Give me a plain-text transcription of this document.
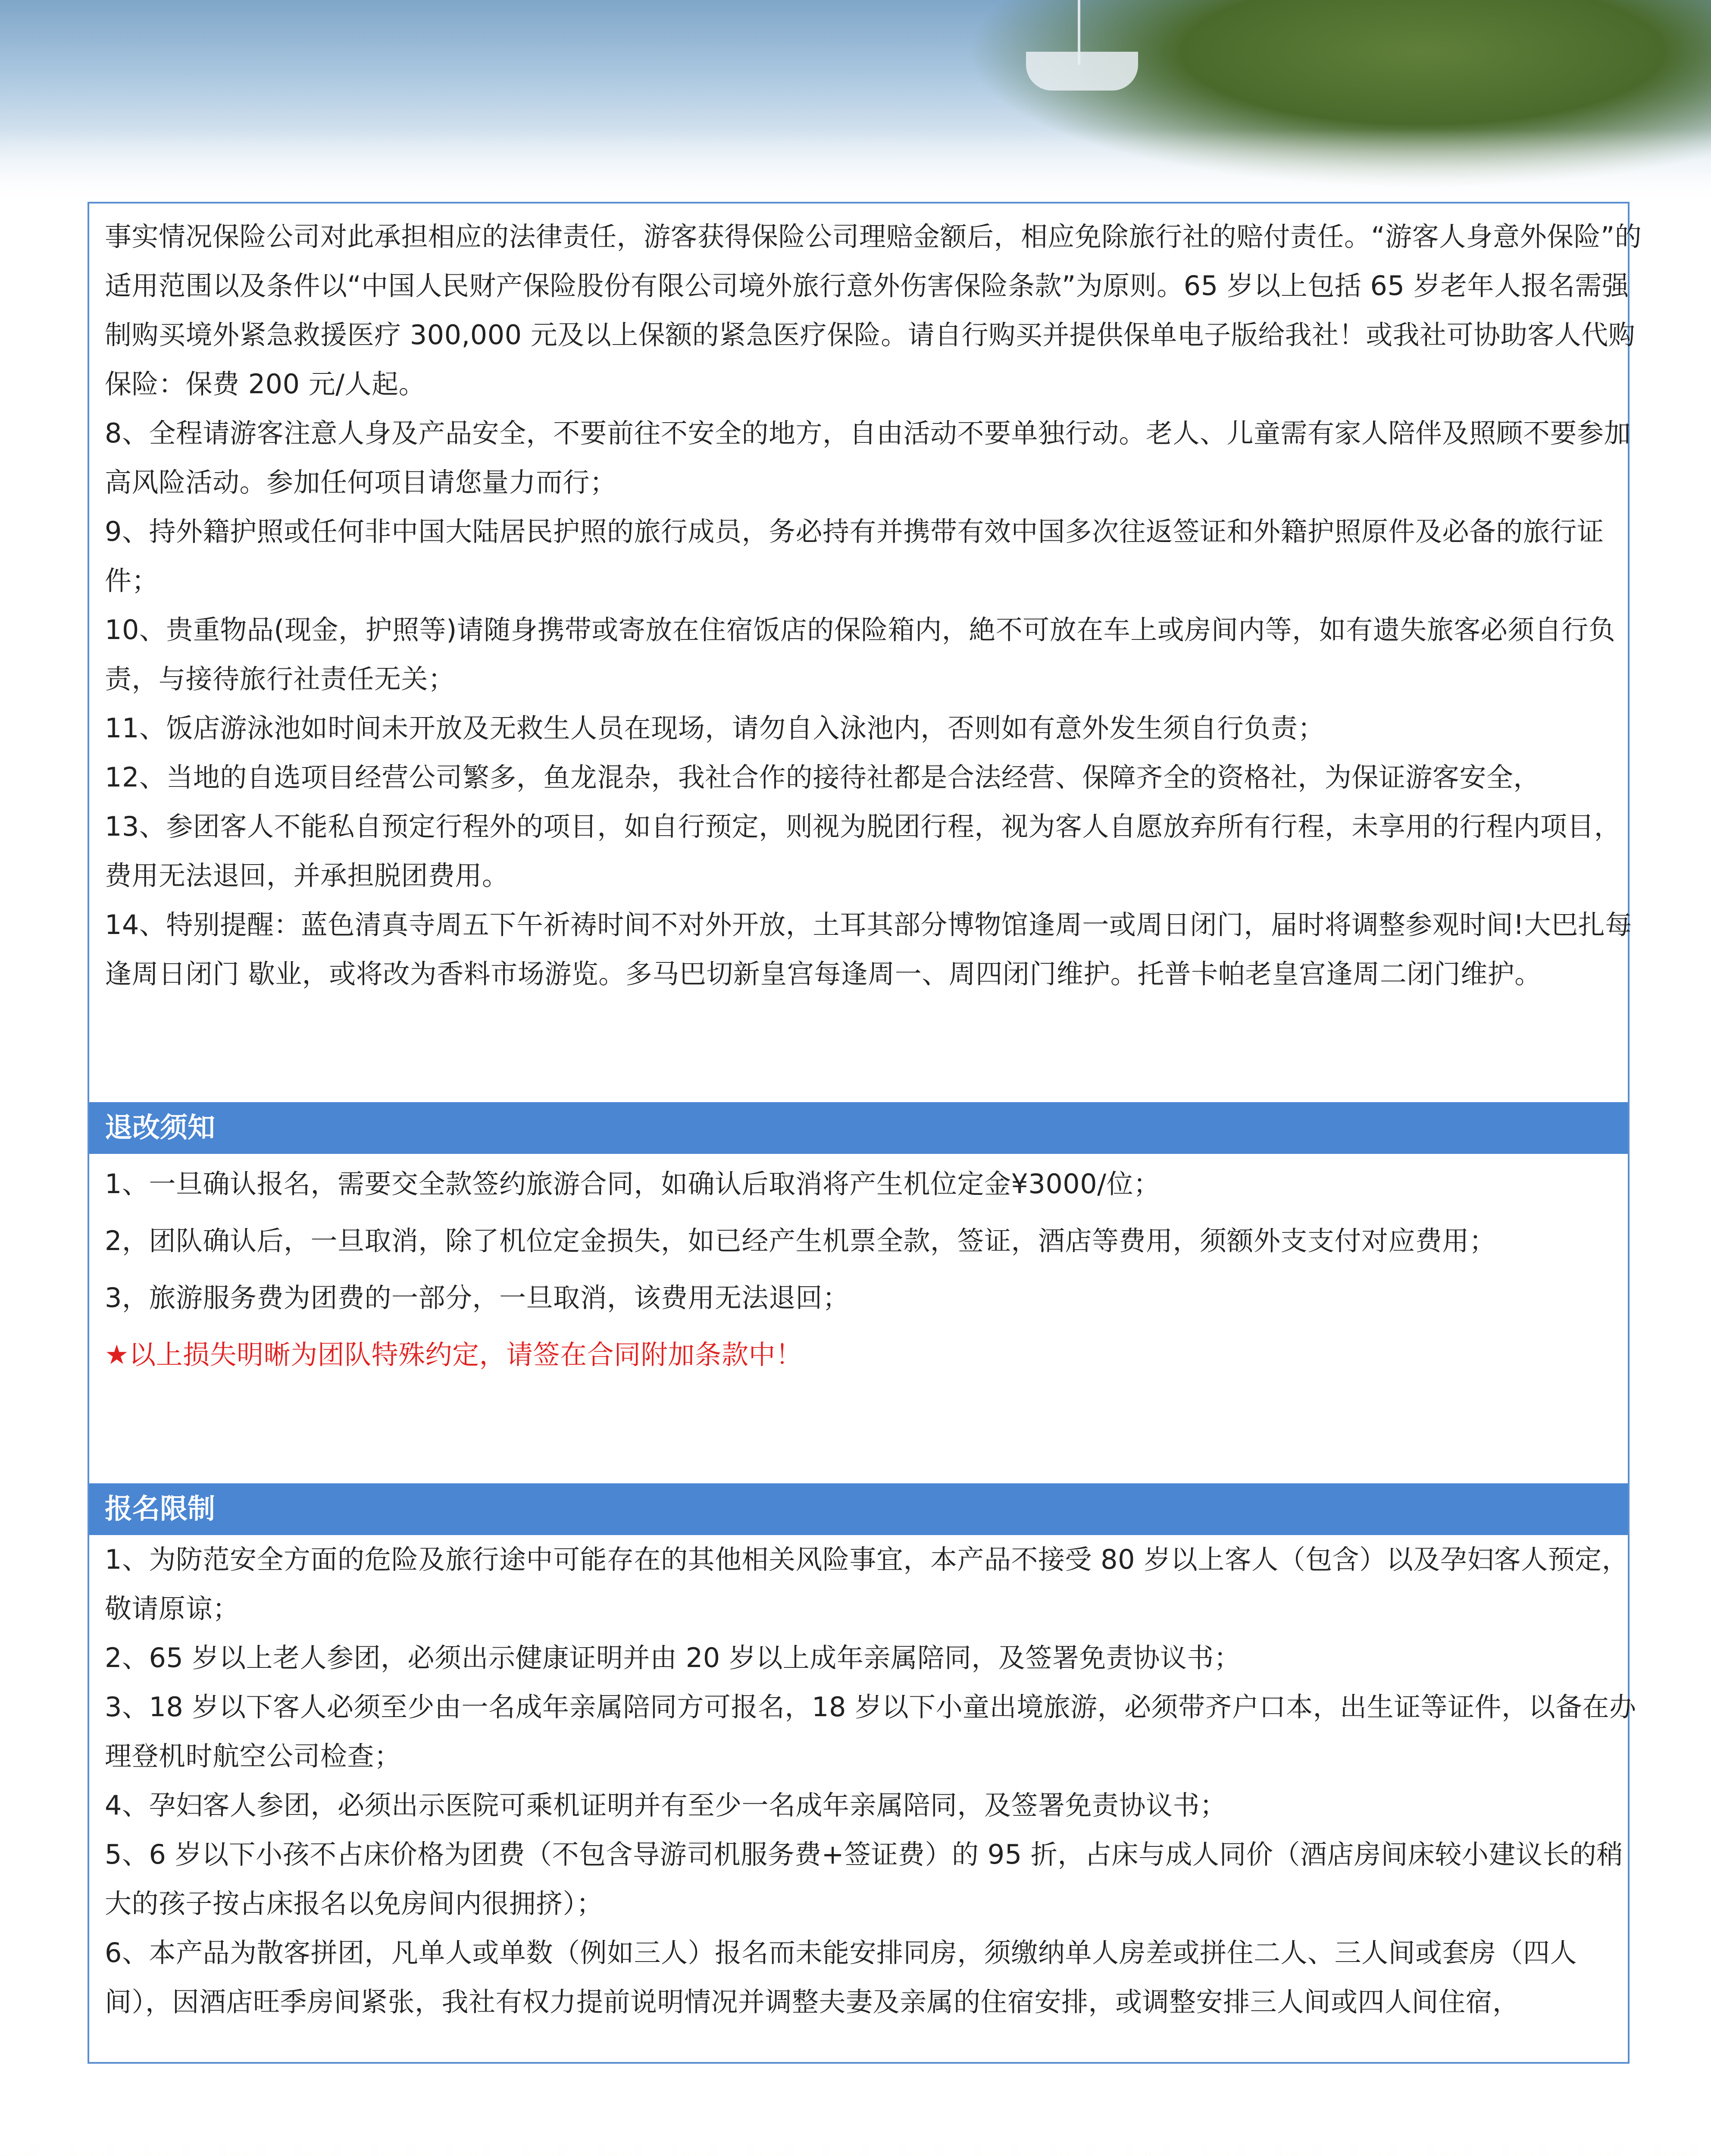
事实情况保险公司对此承担相应的法律责任，游客获得保险公司理赔金额后，相应免除旅行社的赔付责任。“游客人身意外保险”的适用范围以及条件以“中国人民财产保险股份有限公司境外旅行意外伤害保险条款”为原则。65 岁以上包括 65 岁老年人报名需强制购买境外紧急救援医疗 300,000 元及以上保额的紧急医疗保险。请自行购买并提供保单电子版给我社！或我社可协助客人代购保险：保费 200 元/人起。

8、全程请游客注意人身及产品安全，不要前往不安全的地方，自由活动不要单独行动。老人、儿童需有家人陪伴及照顾不要参加高风险活动。参加任何项目请您量力而行；

9、持外籍护照或任何非中国大陆居民护照的旅行成员，务必持有并携带有效中国多次往返签证和外籍护照原件及必备的旅行证件；

10、贵重物品(现金，护照等)请随身携带或寄放在住宿饭店的保险箱内，絶不可放在车上或房间内等，如有遗失旅客必须自行负责，与接待旅行社责任无关；

11、饭店游泳池如时间未开放及无救生人员在现场，请勿自入泳池内，否则如有意外发生须自行负责；

12、当地的自选项目经营公司繁多，鱼龙混杂，我社合作的接待社都是合法经营、保障齐全的资格社，为保证游客安全，

13、参团客人不能私自预定行程外的项目，如自行预定，则视为脱团行程，视为客人自愿放弃所有行程，未享用的行程内项目，费用无法退回，并承担脱团费用。

14、特别提醒：蓝色清真寺周五下午祈祷时间不对外开放，土耳其部分博物馆逢周一或周日闭门，届时将调整参观时间!大巴扎每逢周日闭门 歇业，或将改为香料市场游览。多马巴切新皇宫每逢周一、周四闭门维护。托普卡帕老皇宫逢周二闭门维护。

退改须知

1、一旦确认报名，需要交全款签约旅游合同，如确认后取消将产生机位定金¥3000/位；

2，团队确认后，一旦取消，除了机位定金损失，如已经产生机票全款，签证，酒店等费用，须额外支支付对应费用；

3，旅游服务费为团费的一部分，一旦取消，该费用无法退回；

★以上损失明晰为团队特殊约定，请签在合同附加条款中！

报名限制

1、为防范安全方面的危险及旅行途中可能存在的其他相关风险事宜，本产品不接受 80 岁以上客人（包含）以及孕妇客人预定，敬请原谅；

2、65 岁以上老人参团，必须出示健康证明并由 20 岁以上成年亲属陪同，及签署免责协议书；

3、18 岁以下客人必须至少由一名成年亲属陪同方可报名，18 岁以下小童出境旅游，必须带齐户口本，出生证等证件，以备在办理登机时航空公司检查；

4、孕妇客人参团，必须出示医院可乘机证明并有至少一名成年亲属陪同，及签署免责协议书；

5、6 岁以下小孩不占床价格为团费（不包含导游司机服务费+签证费）的 95 折，占床与成人同价（酒店房间床较小建议长的稍大的孩子按占床报名以免房间内很拥挤）；

6、本产品为散客拼团，凡单人或单数（例如三人）报名而未能安排同房，须缴纳单人房差或拼住二人、三人间或套房（四人间），因酒店旺季房间紧张，我社有权力提前说明情况并调整夫妻及亲属的住宿安排，或调整安排三人间或四人间住宿，
